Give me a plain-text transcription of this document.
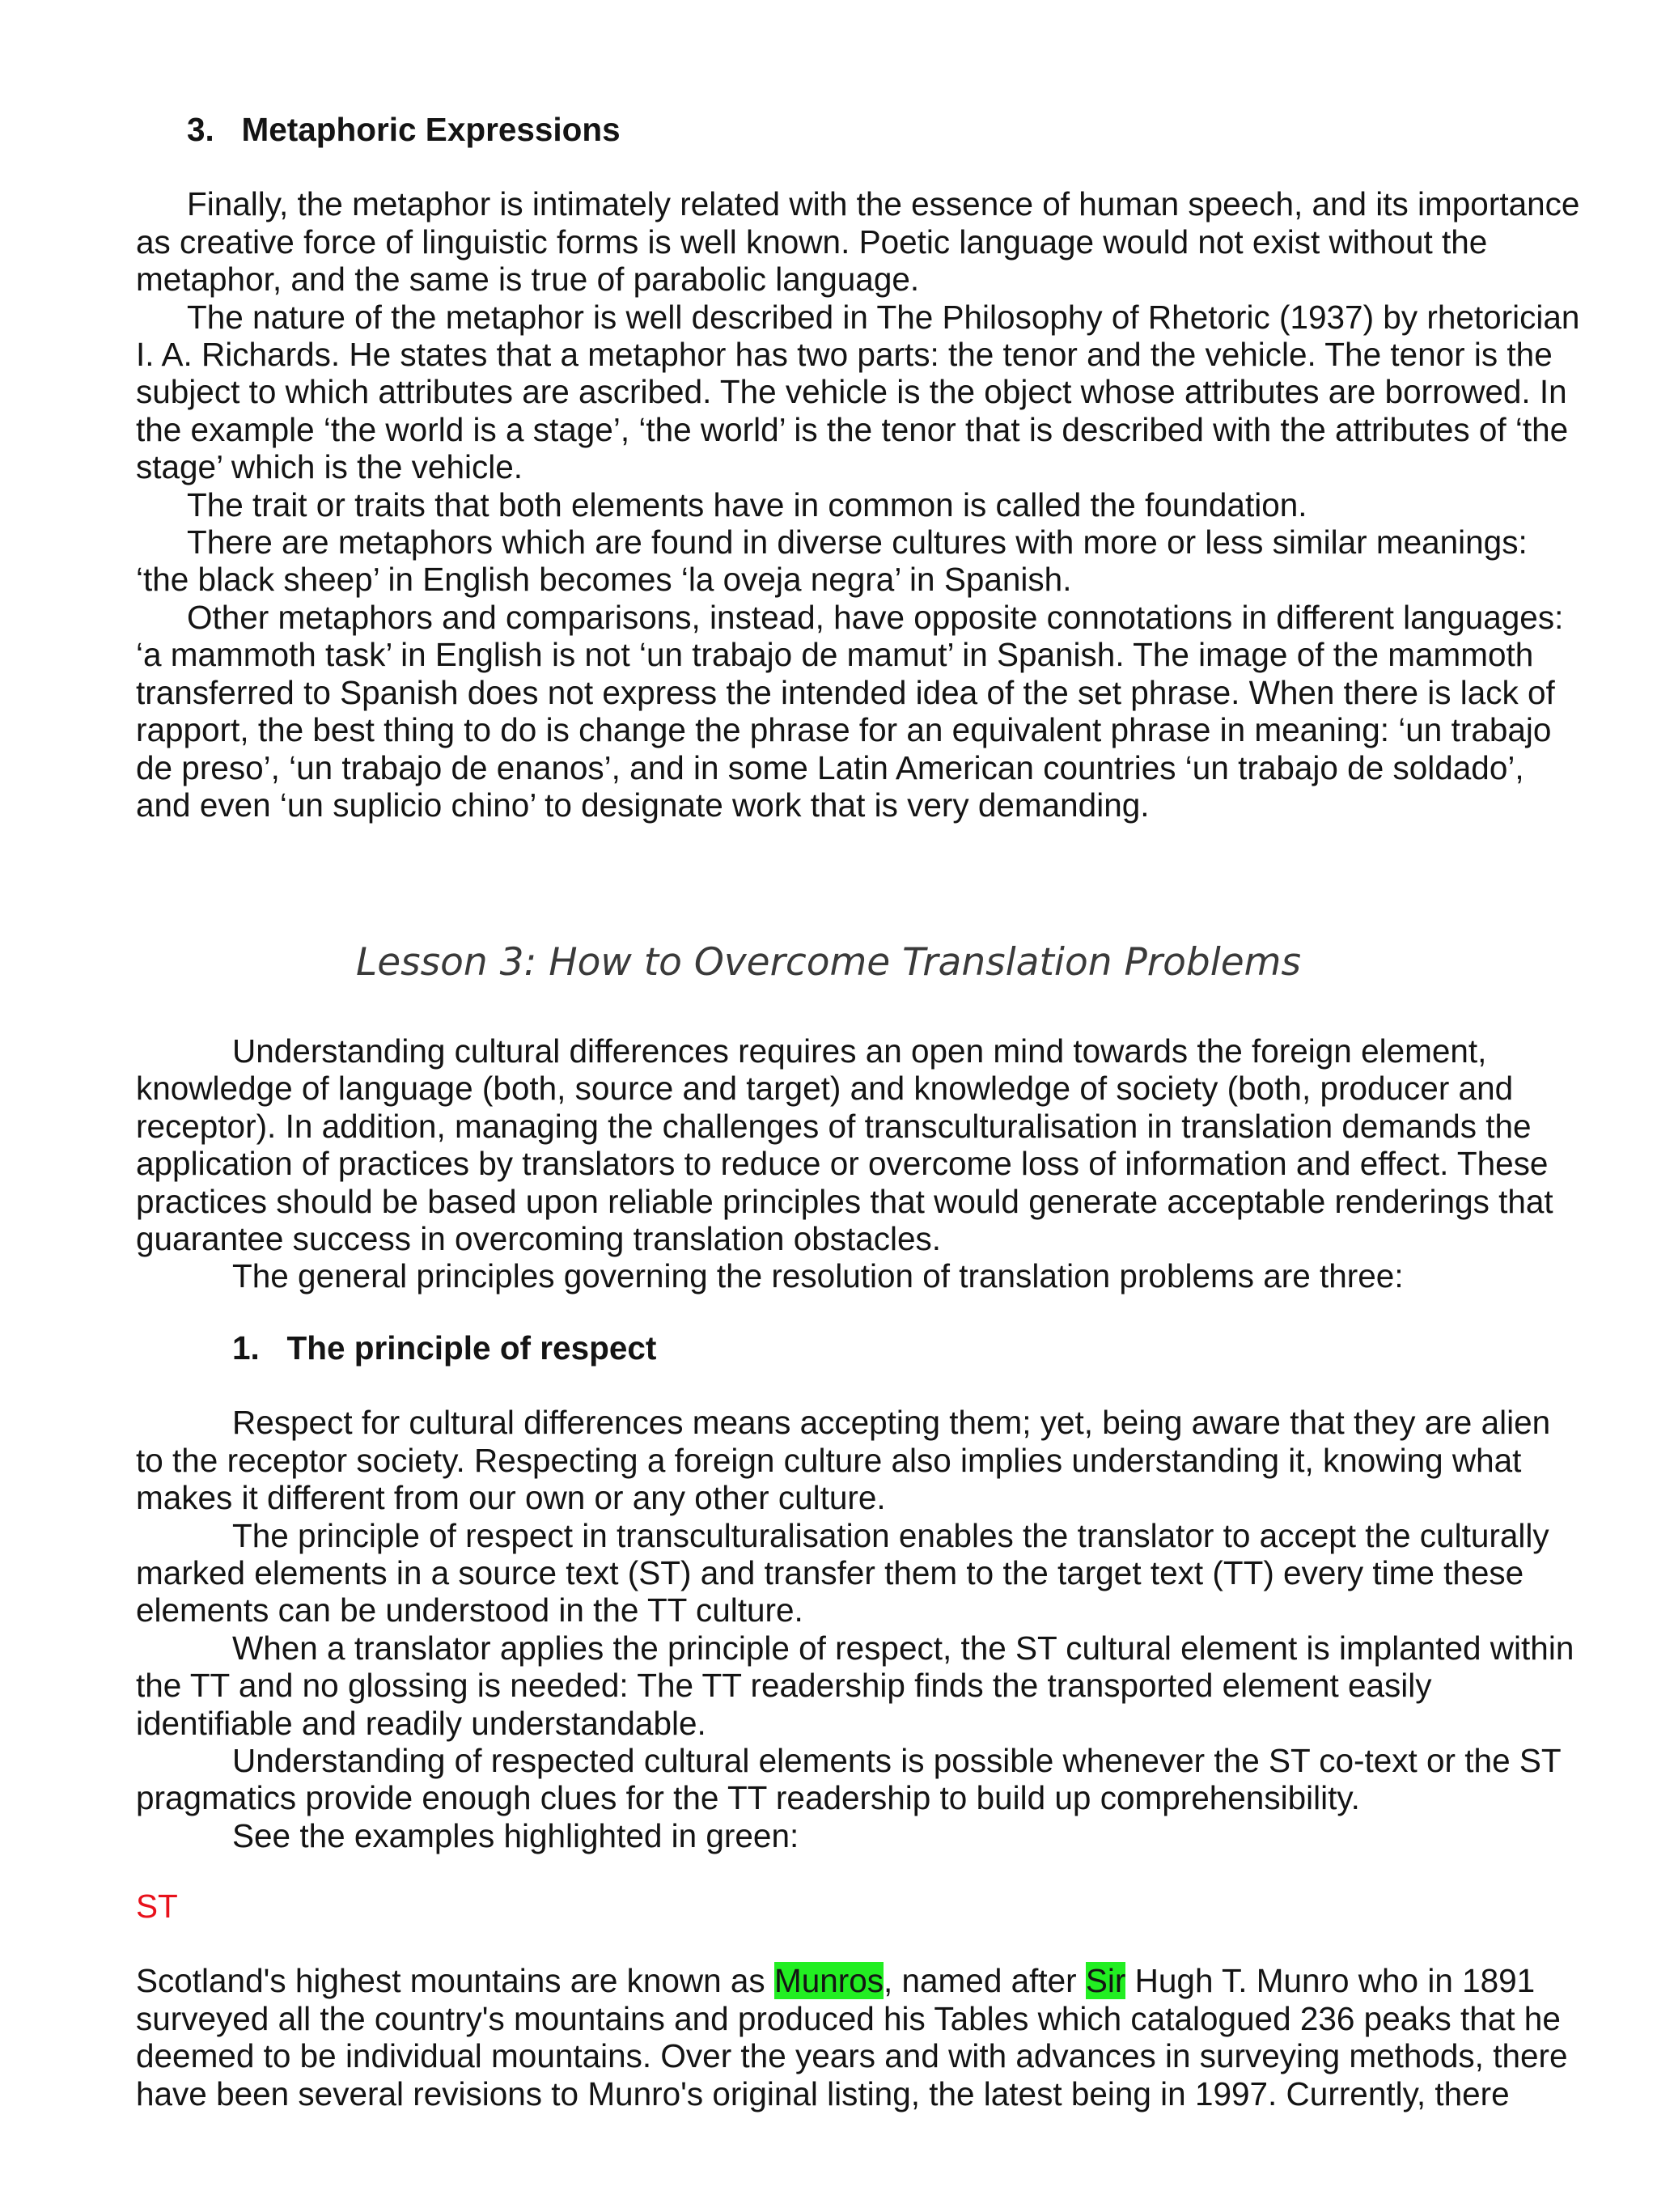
3.   Metaphoric Expressions

Finally, the metaphor is intimately related with the essence of human speech, and its importance as creative force of linguistic forms is well known. Poetic language would not exist without the metaphor, and the same is true of parabolic language.

The nature of the metaphor is well described in The Philosophy of Rhetoric (1937) by rhetorician I. A. Richards. He states that a metaphor has two parts: the tenor and the vehicle. The tenor is the subject to which attributes are ascribed. The vehicle is the object whose attributes are borrowed. In the example ‘the world is a stage’, ‘the world’ is the tenor that is described with the attributes of ‘the stage’ which is the vehicle.

The trait or traits that both elements have in common is called the foundation.

There are metaphors which are found in diverse cultures with more or less similar meanings: ‘the black sheep’ in English becomes ‘la oveja negra’ in Spanish.

Other metaphors and comparisons, instead, have opposite connotations in different languages: ‘a mammoth task’ in English is not ‘un trabajo de mamut’ in Spanish. The image of the mammoth transferred to Spanish does not express the intended idea of the set phrase. When there is lack of rapport, the best thing to do is change the phrase for an equivalent phrase in meaning: ‘un trabajo de preso’, ‘un trabajo de enanos’, and in some Latin American countries ‘un trabajo de soldado’, and even ‘un suplicio chino’ to designate work that is very demanding.

Lesson 3: How to Overcome Translation Problems

Understanding cultural differences requires an open mind towards the foreign element, knowledge of language (both, source and target) and knowledge of society (both, producer and receptor). In addition, managing the challenges of transculturalisation in translation demands the application of practices by translators to reduce or overcome loss of information and effect. These practices should be based upon reliable principles that would generate acceptable renderings that guarantee success in overcoming translation obstacles.

The general principles governing the resolution of translation problems are three:

1.   The principle of respect

Respect for cultural differences means accepting them; yet, being aware that they are alien to the receptor society. Respecting a foreign culture also implies understanding it, knowing what makes it different from our own or any other culture.

The principle of respect in transculturalisation enables the translator to accept the culturally marked elements in a source text (ST) and transfer them to the target text (TT) every time these elements can be understood in the TT culture.

When a translator applies the principle of respect, the ST cultural element is implanted within the TT and no glossing is needed: The TT readership finds the transported element easily identifiable and readily understandable.

Understanding of respected cultural elements is possible whenever the ST co-text or the ST pragmatics provide enough clues for the TT readership to build up comprehensibility.

See the examples highlighted in green:

ST

Scotland's highest mountains are known as Munros, named after Sir Hugh T. Munro who in 1891 surveyed all the country's mountains and produced his Tables which catalogued 236 peaks that he deemed to be individual mountains. Over the years and with advances in surveying methods, there have been several revisions to Munro's original listing, the latest being in 1997. Currently, there
